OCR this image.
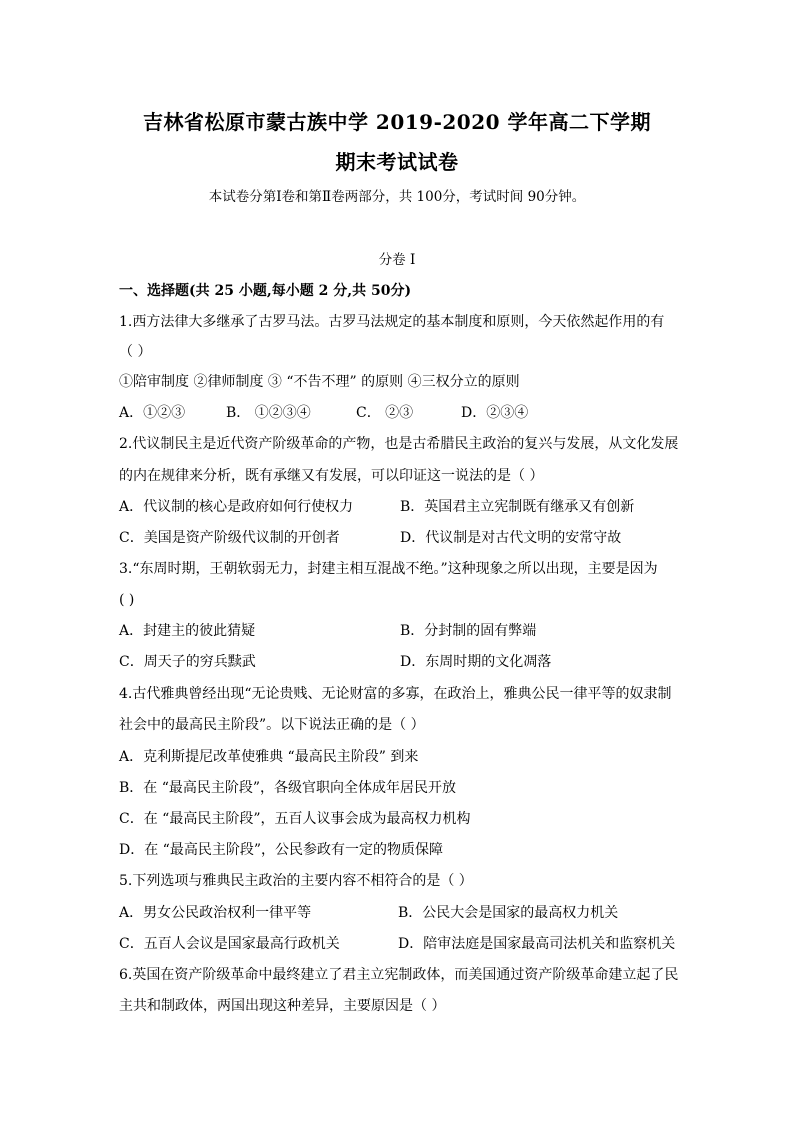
吉林省松原市蒙古族中学 2019-2020 学年高二下学期
期末考试试卷
本试卷分第Ⅰ卷和第Ⅱ卷两部分，共 100分，考试时间 90分钟。
分卷 I
一、选择题(共 25 小题,每小题 2 分,共 50分)
1.西方法律大多继承了古罗马法。古罗马法规定的基本制度和原则，今天依然起作用的有
（ ）
①陪审制度 ②律师制度 ③ “不告不理” 的原则 ④三权分立的原则
A．①②③	B． ①②③④	C． ②③	D．②③④
2.代议制民主是近代资产阶级革命的产物，也是古希腊民主政治的复兴与发展，从文化发展
的内在规律来分析，既有承继又有发展，可以印证这一说法的是（ ）
A．代议制的核心是政府如何行使权力	B．英国君主立宪制既有继承又有创新
C．美国是资产阶级代议制的开创者	D．代议制是对古代文明的安常守故
3.“东周时期，王朝软弱无力，封建主相互混战不绝。”这种现象之所以出现，主要是因为
( )
A．封建主的彼此猜疑	B．分封制的固有弊端
C．周天子的穷兵黩武	D．东周时期的文化凋落
4.古代雅典曾经出现“无论贵贱、无论财富的多寡，在政治上，雅典公民一律平等的奴隶制
社会中的最高民主阶段”。以下说法正确的是（ ）
A．克利斯提尼改革使雅典 “最高民主阶段” 到来
B．在 “最高民主阶段”，各级官职向全体成年居民开放
C．在 “最高民主阶段”，五百人议事会成为最高权力机构
D．在 “最高民主阶段”，公民参政有一定的物质保障
5.下列选项与雅典民主政治的主要内容不相符合的是（ ）
A．男女公民政治权利一律平等	B．公民大会是国家的最高权力机关
C．五百人会议是国家最高行政机关	D．陪审法庭是国家最高司法机关和监察机关
6.英国在资产阶级革命中最终建立了君主立宪制政体，而美国通过资产阶级革命建立起了民
主共和制政体，两国出现这种差异，主要原因是（ ）
